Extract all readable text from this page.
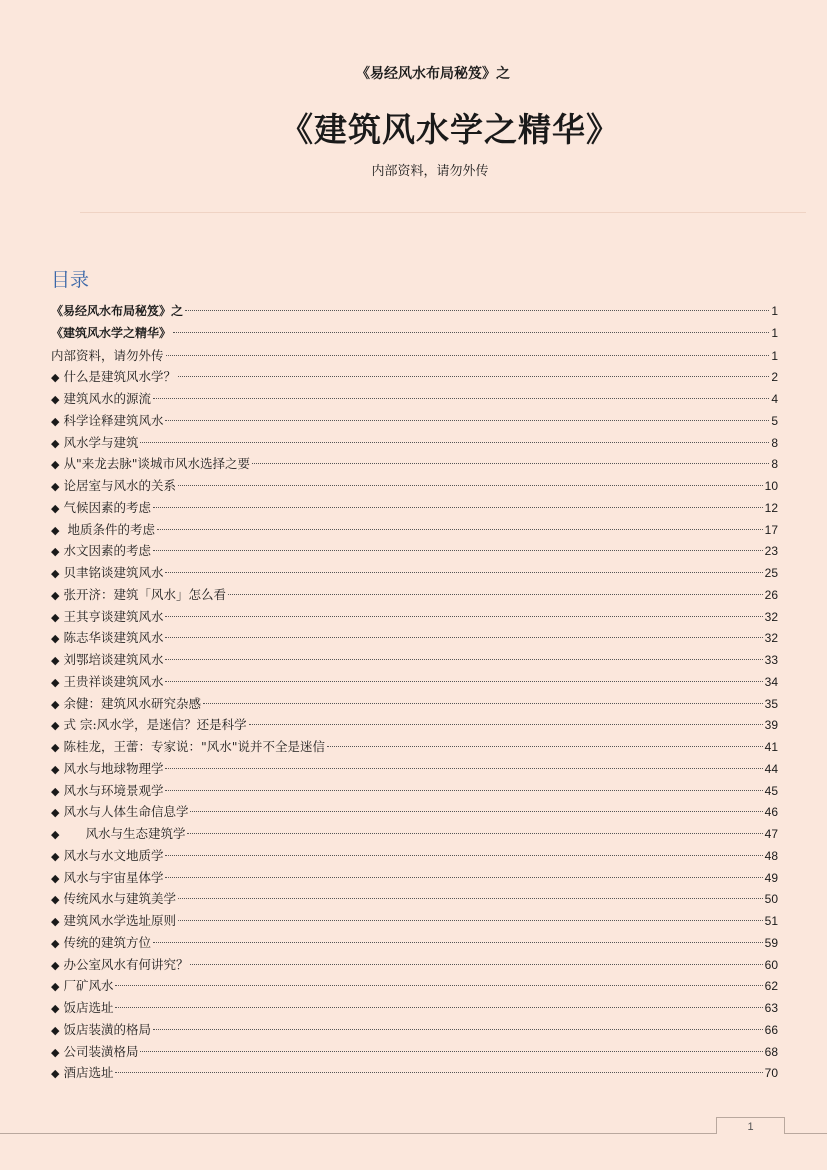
《易经风水布局秘笈》之
《建筑风水学之精华》
内部资料，请勿外传
目录
《易经风水布局秘笈》之	1
《建筑风水学之精华》	1
内部资料，请勿外传	1
◆ 什么是建筑风水学？	2
◆ 建筑风水的源流	4
◆ 科学诠释建筑风水	5
◆ 风水学与建筑	8
◆ 从"来龙去脉"谈城市风水选择之要	8
◆ 论居室与风水的关系	10
◆ 气候因素的考虑	12
◆ 地质条件的考虑	17
◆ 水文因素的考虑	23
◆ 贝聿铭谈建筑风水	25
◆ 张开济：建筑「风水」怎么看	26
◆ 王其亨谈建筑风水	32
◆ 陈志华谈建筑风水	32
◆ 刘鄂培谈建筑风水	33
◆ 王贵祥谈建筑风水	34
◆ 余健：建筑风水研究杂感	35
◆ 式 宗:风水学，是迷信？还是科学	39
◆ 陈桂龙，王蕾：专家说："风水"说并不全是迷信	41
◆ 风水与地球物理学	44
◆ 风水与环境景观学	45
◆ 风水与人体生命信息学	46
◆ 风水与生态建筑学	47
◆ 风水与水文地质学	48
◆ 风水与宇宙星体学	49
◆ 传统风水与建筑美学	50
◆ 建筑风水学选址原则	51
◆ 传统的建筑方位	59
◆ 办公室风水有何讲究？	60
◆ 厂矿风水	62
◆ 饭店选址	63
◆ 饭店装潢的格局	66
◆ 公司装潢格局	68
◆ 酒店选址	70
1
